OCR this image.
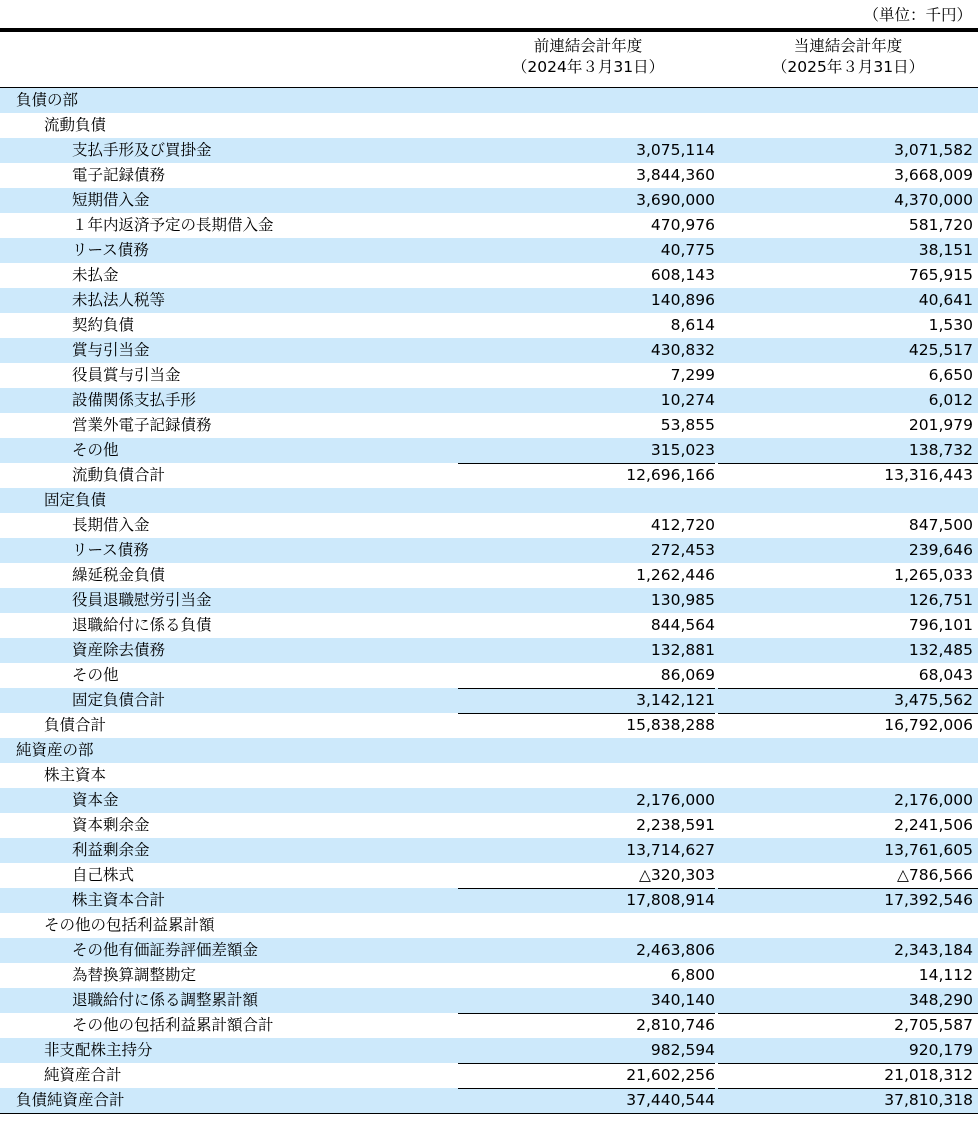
（単位：千円）
前連結会計年度
（2024年３月31日）
当連結会計年度
（2025年３月31日）
負債の部
流動負債
支払手形及び買掛金	3,075,114	3,071,582
電子記録債務	3,844,360	3,668,009
短期借入金	3,690,000	4,370,000
１年内返済予定の長期借入金	470,976	581,720
リース債務	40,775	38,151
未払金	608,143	765,915
未払法人税等	140,896	40,641
契約負債	8,614	1,530
賞与引当金	430,832	425,517
役員賞与引当金	7,299	6,650
設備関係支払手形	10,274	6,012
営業外電子記録債務	53,855	201,979
その他	315,023	138,732
流動負債合計	12,696,166	13,316,443
固定負債
長期借入金	412,720	847,500
リース債務	272,453	239,646
繰延税金負債	1,262,446	1,265,033
役員退職慰労引当金	130,985	126,751
退職給付に係る負債	844,564	796,101
資産除去債務	132,881	132,485
その他	86,069	68,043
固定負債合計	3,142,121	3,475,562
負債合計	15,838,288	16,792,006
純資産の部
株主資本
資本金	2,176,000	2,176,000
資本剰余金	2,238,591	2,241,506
利益剰余金	13,714,627	13,761,605
自己株式	△320,303	△786,566
株主資本合計	17,808,914	17,392,546
その他の包括利益累計額
その他有価証券評価差額金	2,463,806	2,343,184
為替換算調整勘定	6,800	14,112
退職給付に係る調整累計額	340,140	348,290
その他の包括利益累計額合計	2,810,746	2,705,587
非支配株主持分	982,594	920,179
純資産合計	21,602,256	21,018,312
負債純資産合計	37,440,544	37,810,318
